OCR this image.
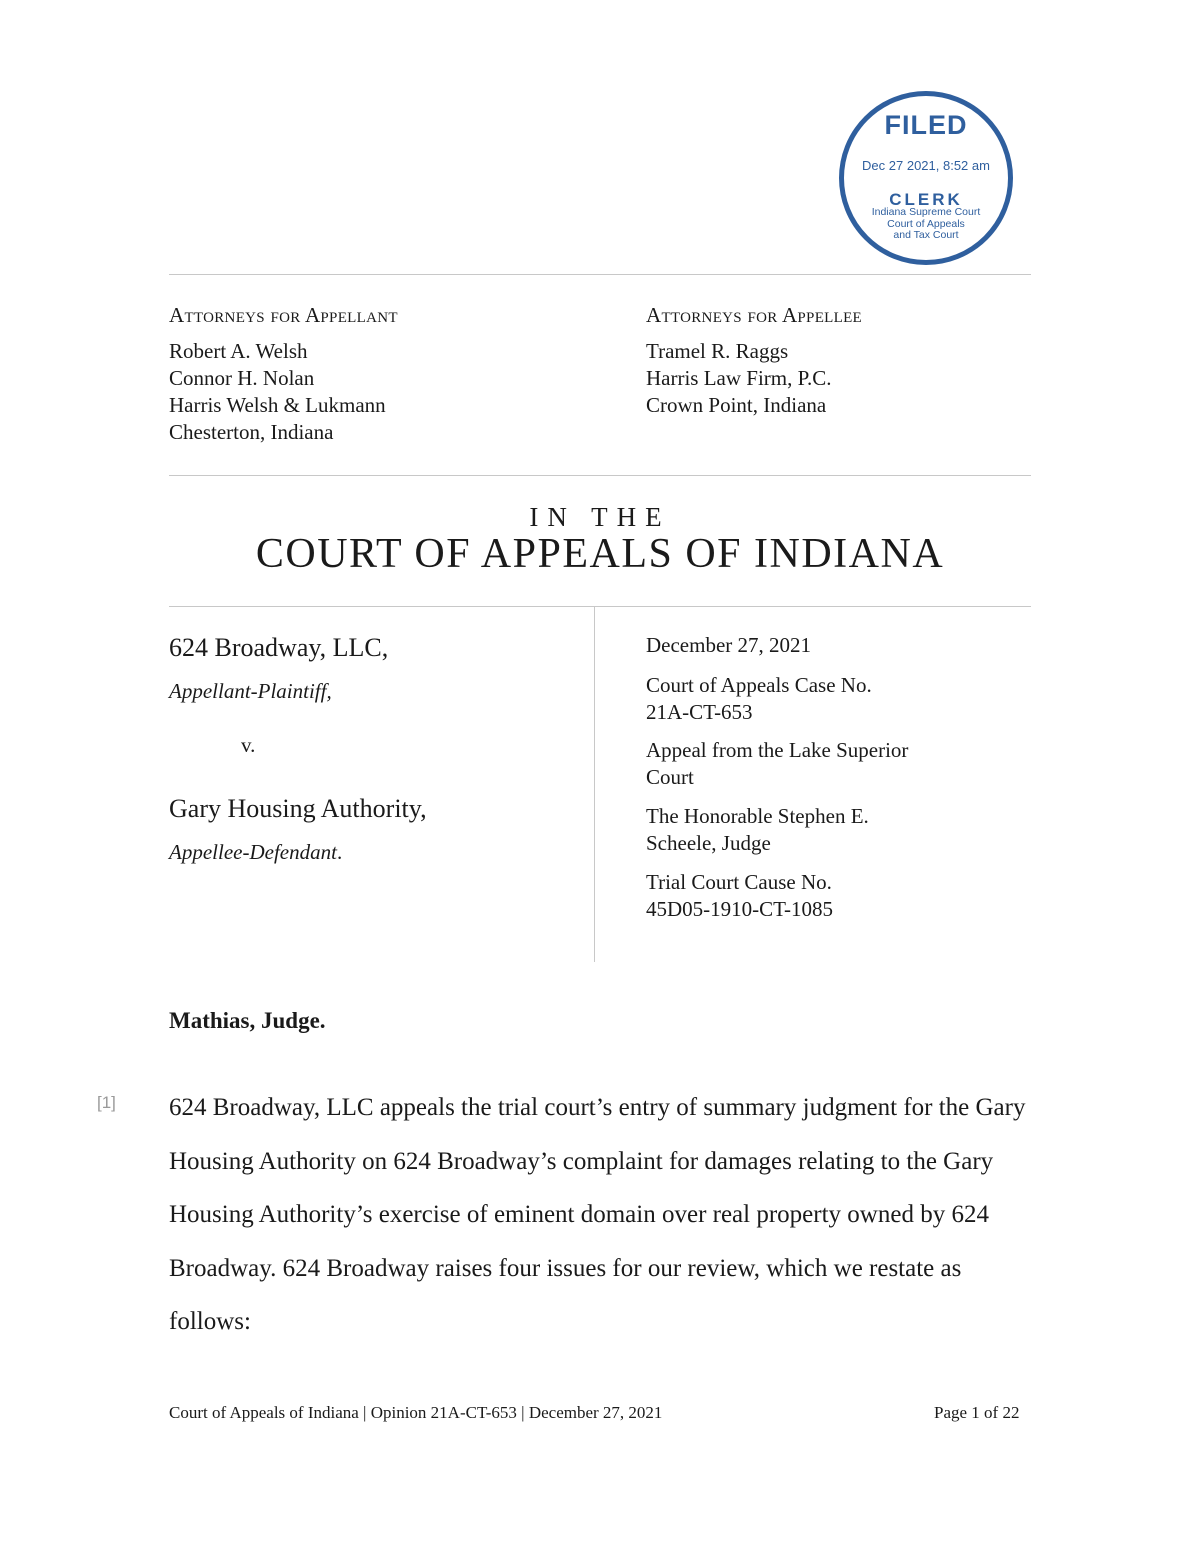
FILED
Dec 27 2021, 8:52 am
CLERK
Indiana Supreme Court
Court of Appeals
and Tax Court
Attorneys for Appellant
Robert A. Welsh
Connor H. Nolan
Harris Welsh & Lukmann
Chesterton, Indiana
Attorneys for Appellee
Tramel R. Raggs
Harris Law Firm, P.C.
Crown Point, Indiana
IN THE
COURT OF APPEALS OF INDIANA
624 Broadway, LLC,
Appellant-Plaintiff,
v.
Gary Housing Authority,
Appellee-Defendant.
December 27, 2021
Court of Appeals Case No.
21A-CT-653
Appeal from the Lake Superior
Court
The Honorable Stephen E.
Scheele, Judge
Trial Court Cause No.
45D05-1910-CT-1085
Mathias, Judge.
[1] 624 Broadway, LLC appeals the trial court’s entry of summary judgment for the Gary Housing Authority on 624 Broadway’s complaint for damages relating to the Gary Housing Authority’s exercise of eminent domain over real property owned by 624 Broadway. 624 Broadway raises four issues for our review, which we restate as follows:

Court of Appeals of Indiana | Opinion 21A-CT-653 | December 27, 2021	Page 1 of 22
